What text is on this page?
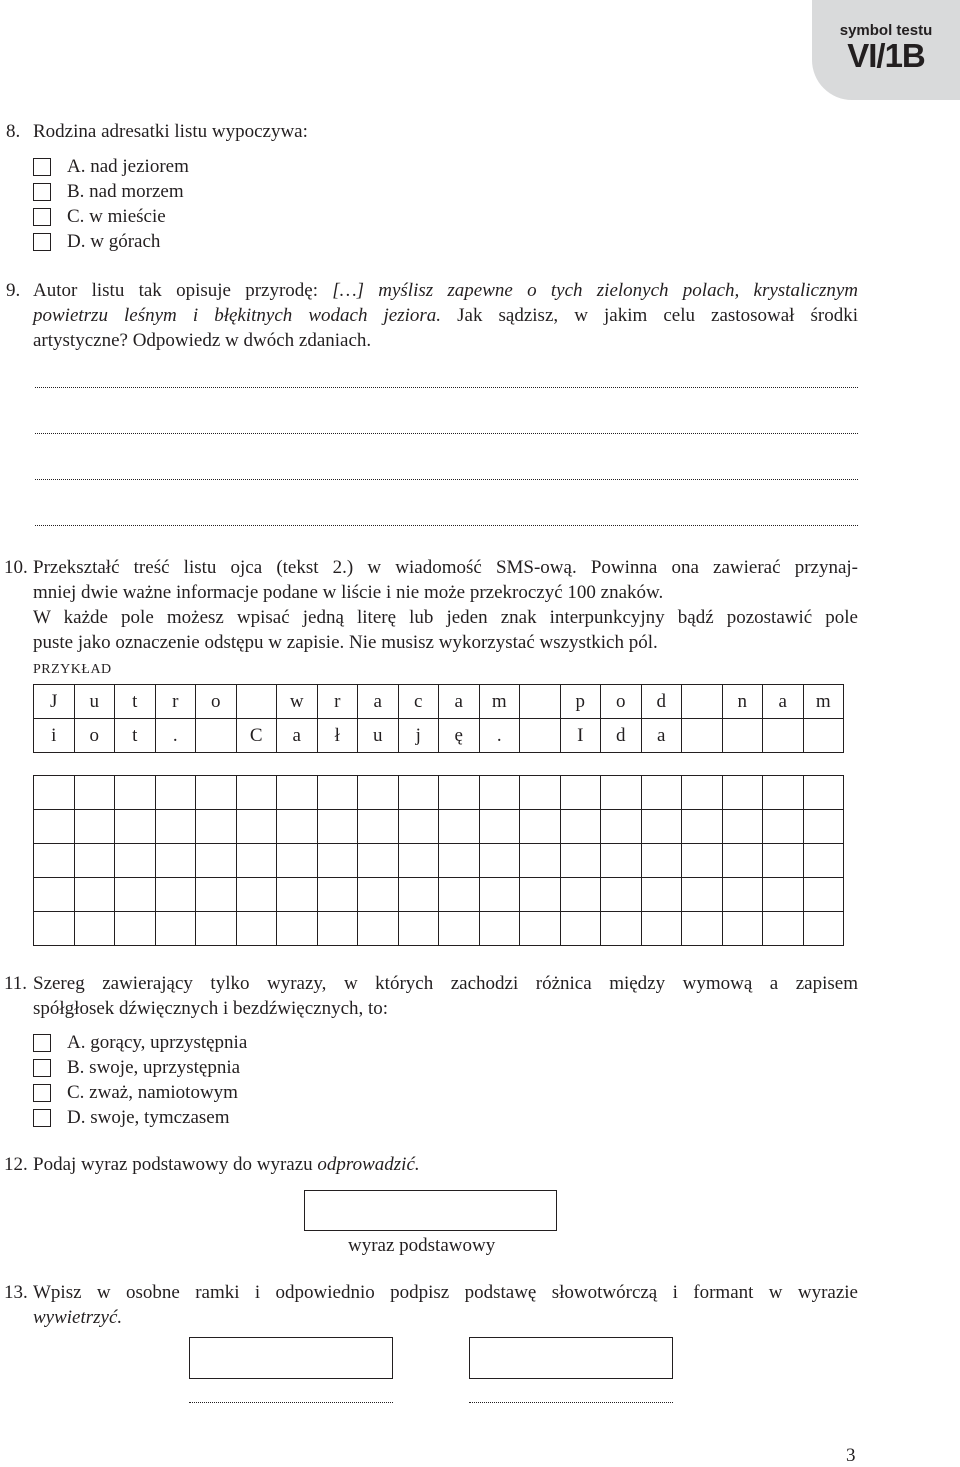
symbol testu
VI/1B
8. Rodzina adresatki listu wypoczywa:
A. nad jeziorem
B. nad morzem
C. w mieście
D. w górach
9. Autor listu tak opisuje przyrodę: […] myślisz zapewne o tych zielonych polach, krystalicznym
powietrzu leśnym i błękitnych wodach jeziora. Jak sądzisz, w jakim celu zastosował środki
artystyczne? Odpowiedz w dwóch zdaniach.
10. Przekształć treść listu ojca (tekst 2.) w wiadomość SMS-ową. Powinna ona zawierać przynaj-
mniej dwie ważne informacje podane w liście i nie może przekroczyć 100 znaków.
W każde pole możesz wpisać jedną literę lub jeden znak interpunkcyjny bądź pozostawić pole
puste jako oznaczenie odstępu w zapisie. Nie musisz wykorzystać wszystkich pól.
PRZYKŁAD
J	u	t	r	o		w	r	a	c	a	m		p	o	d		n	a	m
i	o	t	.		C	a	ł	u	j	ę	.		I	d	a				

11. Szereg zawierający tylko wyrazy, w których zachodzi różnica między wymową a zapisem
spółgłosek dźwięcznych i bezdźwięcznych, to:
A. gorący, uprzystępnia
B. swoje, uprzystępnia
C. zważ, namiotowym
D. swoje, tymczasem
12. Podaj wyraz podstawowy do wyrazu odprowadzić.
wyraz podstawowy
13. Wpisz w osobne ramki i odpowiednio podpisz podstawę słowotwórczą i formant w wyrazie
wywietrzyć.
3
